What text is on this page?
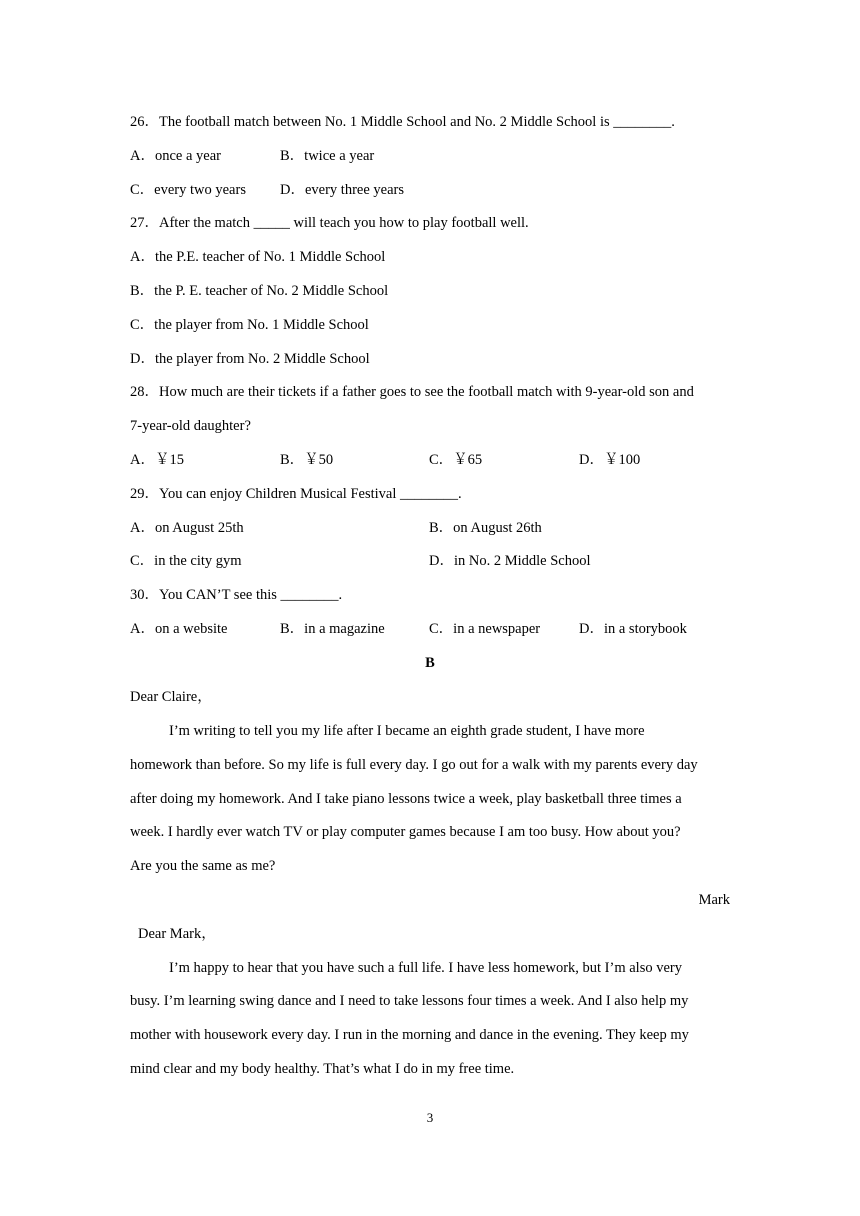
26．The football match between No. 1 Middle School and No. 2 Middle School is ________.
A．once a year	B．twice a year
C．every two years D．every three years
27．After the match _____ will teach you how to play football well.
A．the P.E. teacher of No. 1 Middle School
B．the P. E. teacher of No. 2 Middle School
C．the player from No. 1 Middle School
D．the player from No. 2 Middle School
28．How much are their tickets if a father goes to see the football match with 9-year-old son and
7-year-old daughter?
A．￥15	B．￥50	C．￥65	D．￥100
29．You can enjoy Children Musical Festival ________.
A．on August 25th	B．on August 26th
C．in the city gym	D．in No. 2 Middle School
30．You CAN’T see this ________.
A．on a website	B．in a magazine	C．in a newspaper	D．in a storybook
B
Dear Claire，
I’m writing to tell you my life after I became an eighth grade student, I have more
homework than before. So my life is full every day. I go out for a walk with my parents every day
after doing my homework. And I take piano lessons twice a week, play basketball three times a
week. I hardly ever watch TV or play computer games because I am too busy. How about you?
Are you the same as me?
Mark
Dear Mark，
I’m happy to hear that you have such a full life. I have less homework, but I’m also very
busy. I’m learning swing dance and I need to take lessons four times a week. And I also help my
mother with housework every day. I run in the morning and dance in the evening. They keep my
mind clear and my body healthy. That’s what I do in my free time.
3
